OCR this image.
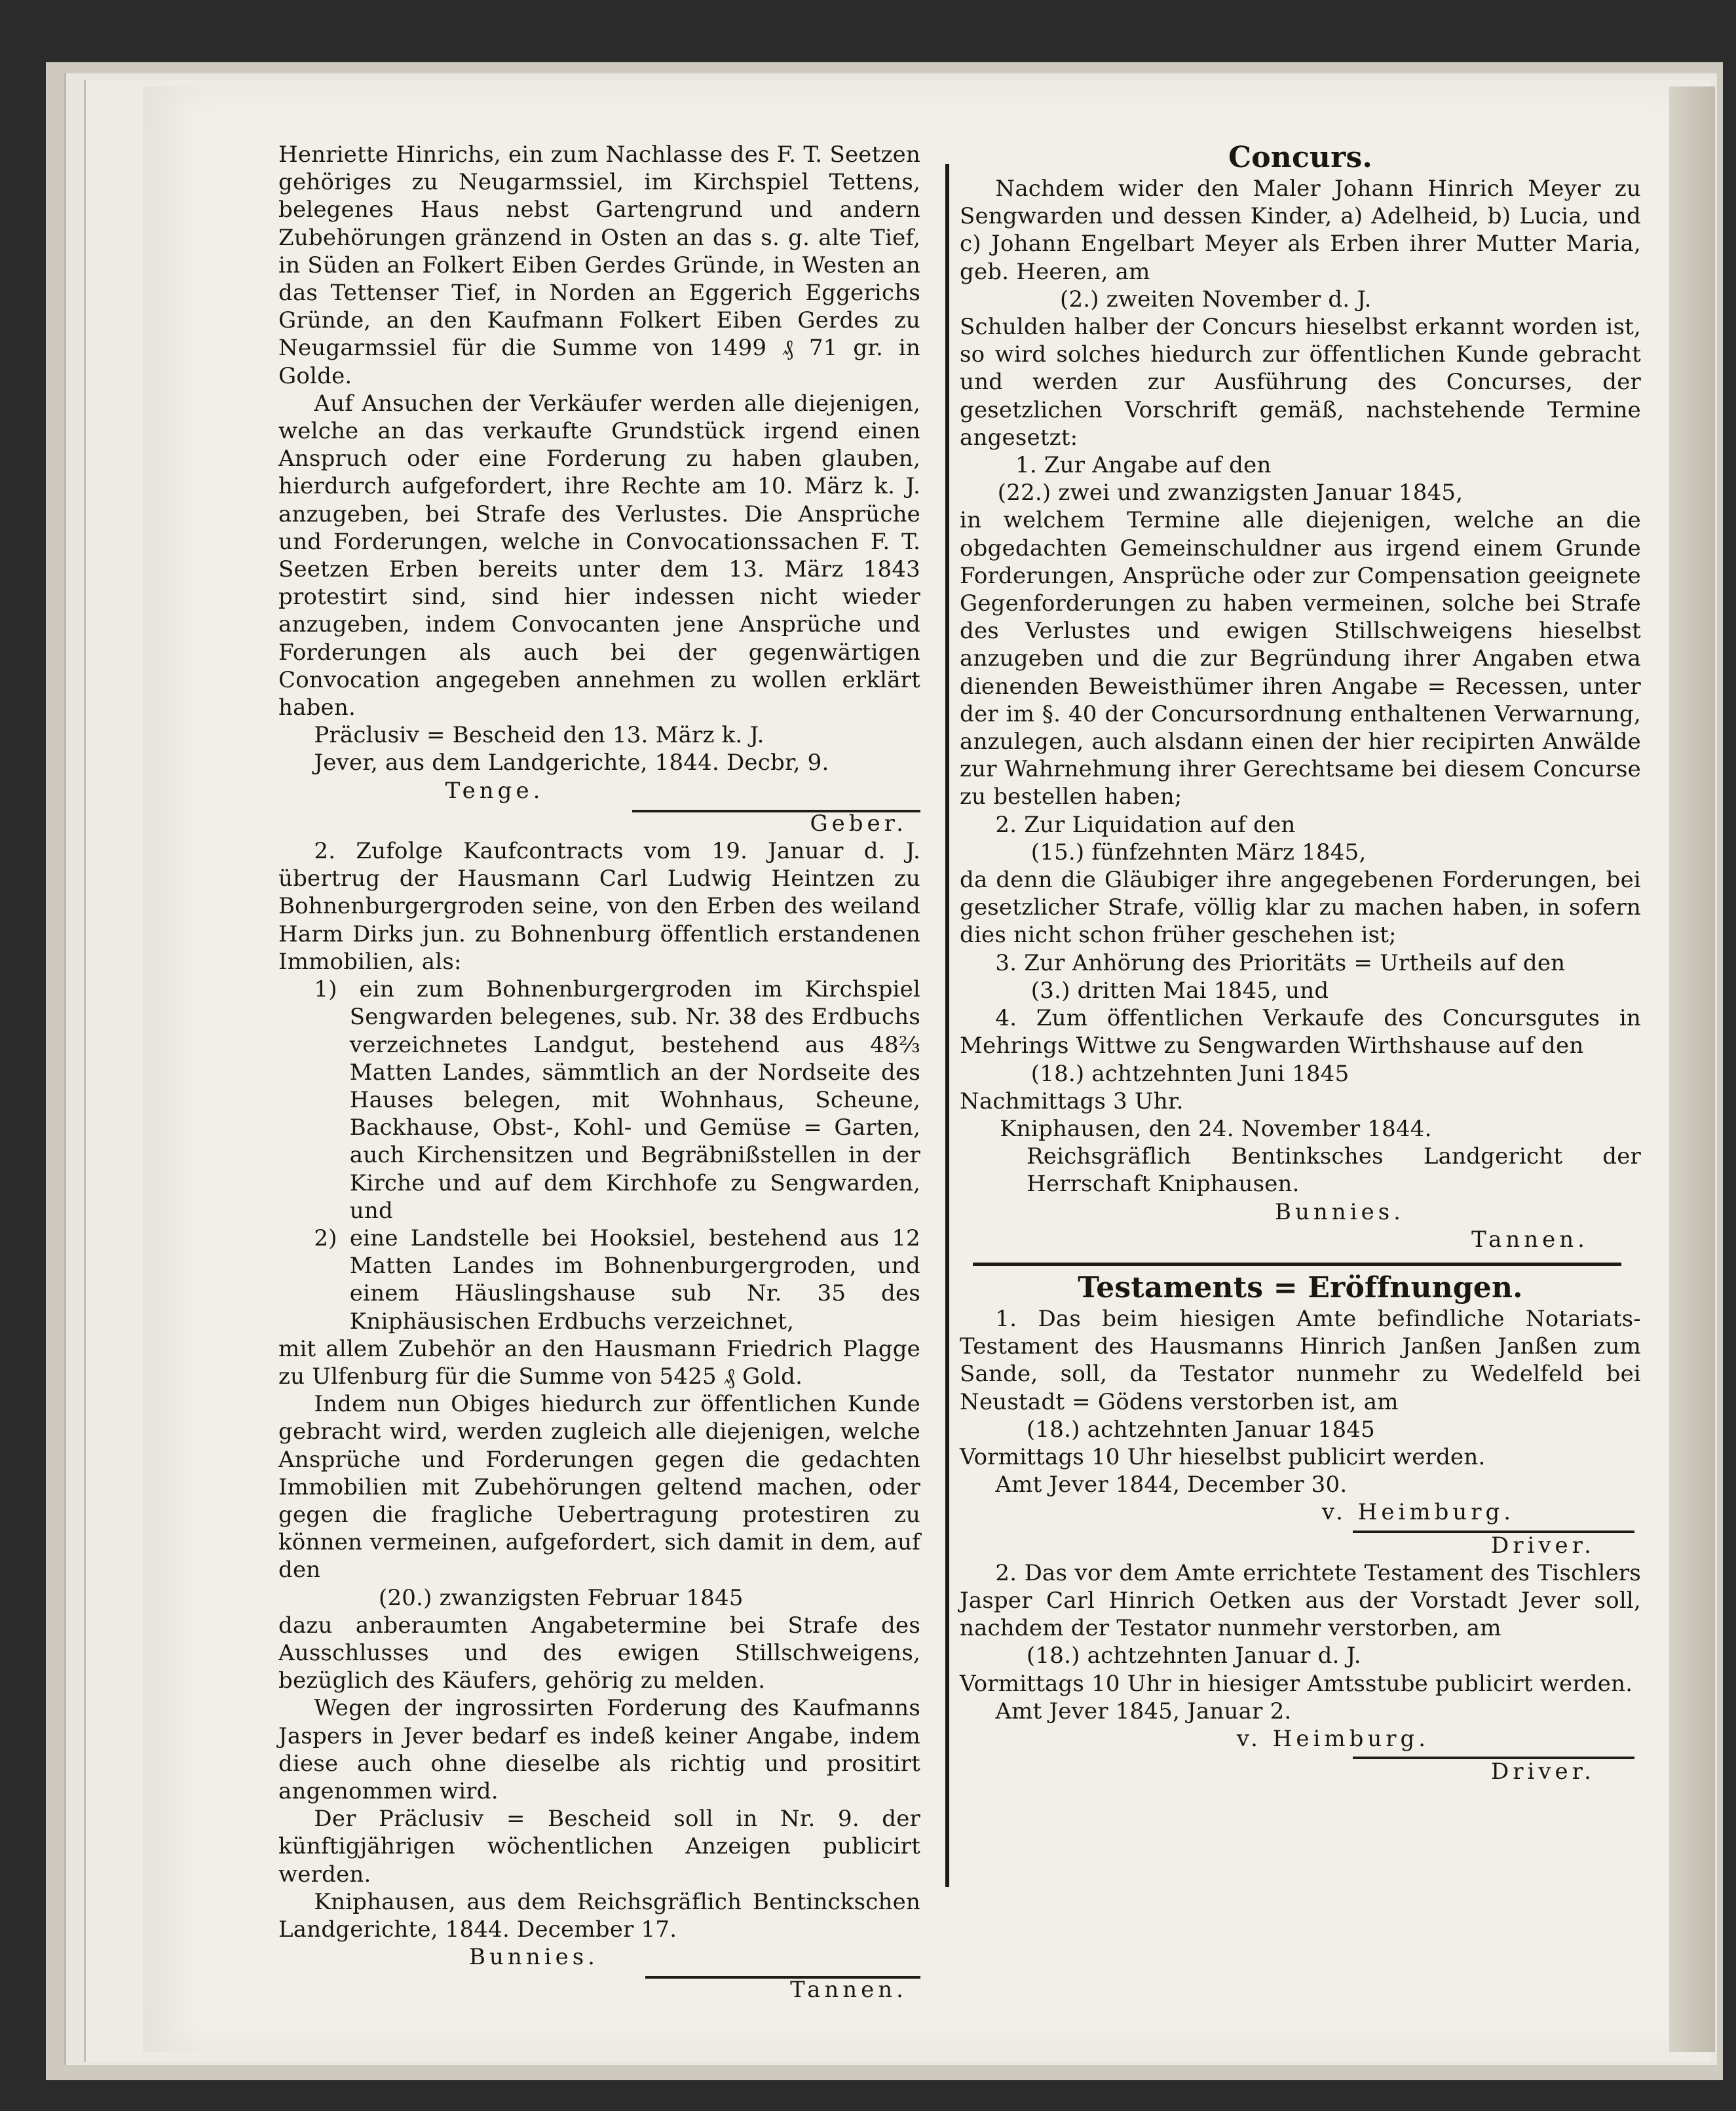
Henriette Hinrichs, ein zum Nachlasse des F. T. Seetzen gehöriges zu Neugarmssiel, im Kirchspiel Tettens, belegenes Haus nebst Gartengrund und andern Zubehörungen gränzend in Osten an das s. g. alte Tief, in Süden an Folkert Eiben Gerdes Gründe, in Westen an das Tettenser Tief, in Norden an Eggerich Eggerichs Gründe, an den Kaufmann Folkert Eiben Gerdes zu Neugarmssiel für die Summe von 1499 ₰ 71 gr. in Golde.

Auf Ansuchen der Verkäufer werden alle diejenigen, welche an das verkaufte Grundstück irgend einen Anspruch oder eine Forderung zu haben glauben, hierdurch aufgefordert, ihre Rechte am 10. März k. J. anzugeben, bei Strafe des Verlustes. Die Ansprüche und Forderungen, welche in Convocationssachen F. T. Seetzen Erben bereits unter dem 13. März 1843 protestirt sind, sind hier indessen nicht wieder anzugeben, indem Convocanten jene Ansprüche und Forderungen als auch bei der gegenwärtigen Convocation angegeben annehmen zu wollen erklärt haben.

Präclusiv = Bescheid den 13. März k. J.

Jever, aus dem Landgerichte, 1844. Decbr, 9.

Tenge.

Geber.

2. Zufolge Kaufcontracts vom 19. Januar d. J. übertrug der Hausmann Carl Ludwig Heintzen zu Bohnenburgergroden seine, von den Erben des weiland Harm Dirks jun. zu Bohnenburg öffentlich erstandenen Immobilien, als:

1) ein zum Bohnenburgergroden im Kirchspiel Sengwarden belegenes, sub. Nr. 38 des Erdbuchs verzeichnetes Landgut, bestehend aus 48⅔ Matten Landes, sämmtlich an der Nordseite des Hauses belegen, mit Wohnhaus, Scheune, Backhause, Obst-, Kohl- und Gemüse = Garten, auch Kirchensitzen und Begräbnißstellen in der Kirche und auf dem Kirchhofe zu Sengwarden, und

2) eine Landstelle bei Hooksiel, bestehend aus 12 Matten Landes im Bohnenburgergroden, und einem Häuslingshause sub Nr. 35 des Kniphäusischen Erdbuchs verzeichnet,

mit allem Zubehör an den Hausmann Friedrich Plagge zu Ulfenburg für die Summe von 5425 ₰ Gold.

Indem nun Obiges hiedurch zur öffentlichen Kunde gebracht wird, werden zugleich alle diejenigen, welche Ansprüche und Forderungen gegen die gedachten Immobilien mit Zubehörungen geltend machen, oder gegen die fragliche Uebertragung protestiren zu können vermeinen, aufgefordert, sich damit in dem, auf den

(20.) zwanzigsten Februar 1845

dazu anberaumten Angabetermine bei Strafe des Ausschlusses und des ewigen Stillschweigens, bezüglich des Käufers, gehörig zu melden.

Wegen der ingrossirten Forderung des Kaufmanns Jaspers in Jever bedarf es indeß keiner Angabe, indem diese auch ohne dieselbe als richtig und prositirt angenommen wird.

Der Präclusiv = Bescheid soll in Nr. 9. der künftigjährigen wöchentlichen Anzeigen publicirt werden.

Kniphausen, aus dem Reichsgräflich Bentinckschen Landgerichte, 1844. December 17.

Bunnies.

Tannen.

Concurs.

Nachdem wider den Maler Johann Hinrich Meyer zu Sengwarden und dessen Kinder, a) Adelheid, b) Lucia, und c) Johann Engelbart Meyer als Erben ihrer Mutter Maria, geb. Heeren, am

(2.) zweiten November d. J.

Schulden halber der Concurs hieselbst erkannt worden ist, so wird solches hiedurch zur öffentlichen Kunde gebracht und werden zur Ausführung des Concurses, der gesetzlichen Vorschrift gemäß, nachstehende Termine angesetzt:

1. Zur Angabe auf den

(22.) zwei und zwanzigsten Januar 1845,

in welchem Termine alle diejenigen, welche an die obgedachten Gemeinschuldner aus irgend einem Grunde Forderungen, Ansprüche oder zur Compensation geeignete Gegenforderungen zu haben vermeinen, solche bei Strafe des Verlustes und ewigen Stillschweigens hieselbst anzugeben und die zur Begründung ihrer Angaben etwa dienenden Beweisthümer ihren Angabe = Recessen, unter der im §. 40 der Concursordnung enthaltenen Verwarnung, anzulegen, auch alsdann einen der hier recipirten Anwälde zur Wahrnehmung ihrer Gerechtsame bei diesem Concurse zu bestellen haben;

2. Zur Liquidation auf den

(15.) fünfzehnten März 1845,

da denn die Gläubiger ihre angegebenen Forderungen, bei gesetzlicher Strafe, völlig klar zu machen haben, in sofern dies nicht schon früher geschehen ist;

3. Zur Anhörung des Prioritäts = Urtheils auf den

(3.) dritten Mai 1845, und

4. Zum öffentlichen Verkaufe des Concursgutes in Mehrings Wittwe zu Sengwarden Wirthshause auf den

(18.) achtzehnten Juni 1845

Nachmittags 3 Uhr.

Kniphausen, den 24. November 1844.

Reichsgräflich Bentinksches Landgericht der Herrschaft Kniphausen.

Bunnies.

Tannen.

Testaments = Eröffnungen.

1. Das beim hiesigen Amte befindliche Notariats-Testament des Hausmanns Hinrich Janßen Janßen zum Sande, soll, da Testator nunmehr zu Wedelfeld bei Neustadt = Gödens verstorben ist, am

(18.) achtzehnten Januar 1845

Vormittags 10 Uhr hieselbst publicirt werden.

Amt Jever 1844, December 30.

v. Heimburg.

Driver.

2. Das vor dem Amte errichtete Testament des Tischlers Jasper Carl Hinrich Oetken aus der Vorstadt Jever soll, nachdem der Testator nunmehr verstorben, am

(18.) achtzehnten Januar d. J.

Vormittags 10 Uhr in hiesiger Amtsstube publicirt werden.

Amt Jever 1845, Januar 2.

v. Heimburg.

Driver.
